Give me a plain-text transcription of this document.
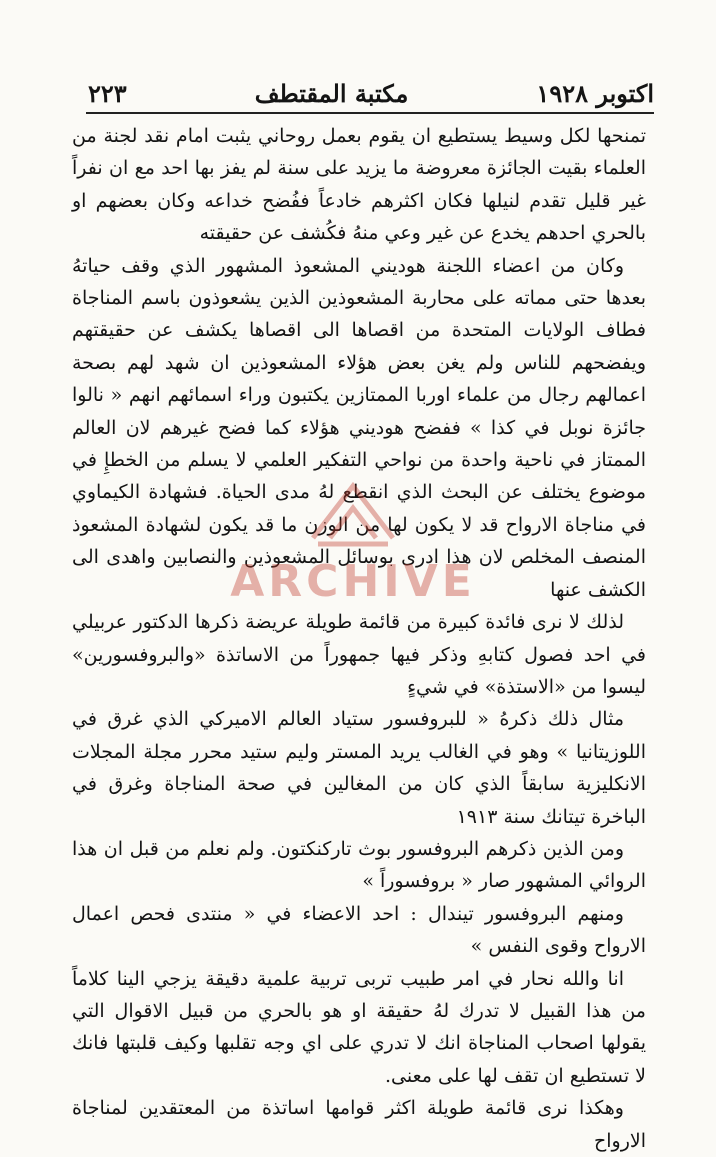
اكتوبر ١٩٢٨
مكتبة المقتطف
٢٢٣

تمنحها لكل وسيط يستطيع ان يقوم بعمل روحاني يثبت امام نقد لجنة من العلماء بقيت الجائزة معروضة ما يزيد على سنة لم يفز بها احد مع ان نفراً غير قليل تقدم لنيلها فكان اكثرهم خادعاً ففُضح خداعه وكان بعضهم او بالحري احدهم يخدع عن غير وعي منهُ فكُشف عن حقيقته

وكان من اعضاء اللجنة هوديني المشعوذ المشهور الذي وقف حياتهُ بعدها حتى مماته على محاربة المشعوذين الذين يشعوذون باسم المناجاة فطاف الولايات المتحدة من اقصاها الى اقصاها يكشف عن حقيقتهم ويفضحهم للناس ولم يغن بعض هؤلاء المشعوذين ان شهد لهم بصحة اعمالهم رجال من علماء اوربا الممتازين يكتبون وراء اسمائهم انهم « نالوا جائزة نوبل في كذا » ففضح هوديني هؤلاء كما فضح غيرهم لان العالم الممتاز في ناحية واحدة من نواحي التفكير العلمي لا يسلم من الخطإِ في موضوع يختلف عن البحث الذي انقطع لهُ مدى الحياة. فشهادة الكيماوي في مناجاة الارواح قد لا يكون لها من الوزن ما قد يكون لشهادة المشعوذ المنصف المخلص لان هذا ادرى بوسائل المشعوذين والنصابين واهدى الى الكشف عنها

لذلك لا نرى فائدة كبيرة من قائمة طويلة عريضة ذكرها الدكتور عربيلي في احد فصول كتابهِ وذكر فيها جمهوراً من الاساتذة «والبروفسورين» ليسوا من «الاستذة» في شيءٍ

مثال ذلك ذكرهُ « للبروفسور ستياد العالم الاميركي الذي غرق في اللوزيتانيا » وهو في الغالب يريد المستر وليم ستيد محرر مجلة المجلات الانكليزية سابقاً الذي كان من المغالين في صحة المناجاة وغرق في الباخرة تيتانك سنة ١٩١٣

ومن الذين ذكرهم البروفسور بوث تاركنكتون. ولم نعلم من قبل ان هذا الروائي المشهور صار « بروفسوراً »

ومنهم البروفسور تيندال : احد الاعضاء في « منتدى فحص اعمال الارواح وقوى النفس »

انا والله نحار في امر طبيب تربى تربية علمية دقيقة يزجي الينا كلاماً من هذا القبيل لا تدرك لهُ حقيقة او هو بالحري من قبيل الاقوال التي يقولها اصحاب المناجاة انك لا تدري على اي وجه تقلبها وكيف قلبتها فانك لا تستطيع ان تقف لها على معنى.

وهكذا نرى قائمة طويلة اكثر قوامها اساتذة من المعتقدين لمناجاة الارواح

ARCHIVE
